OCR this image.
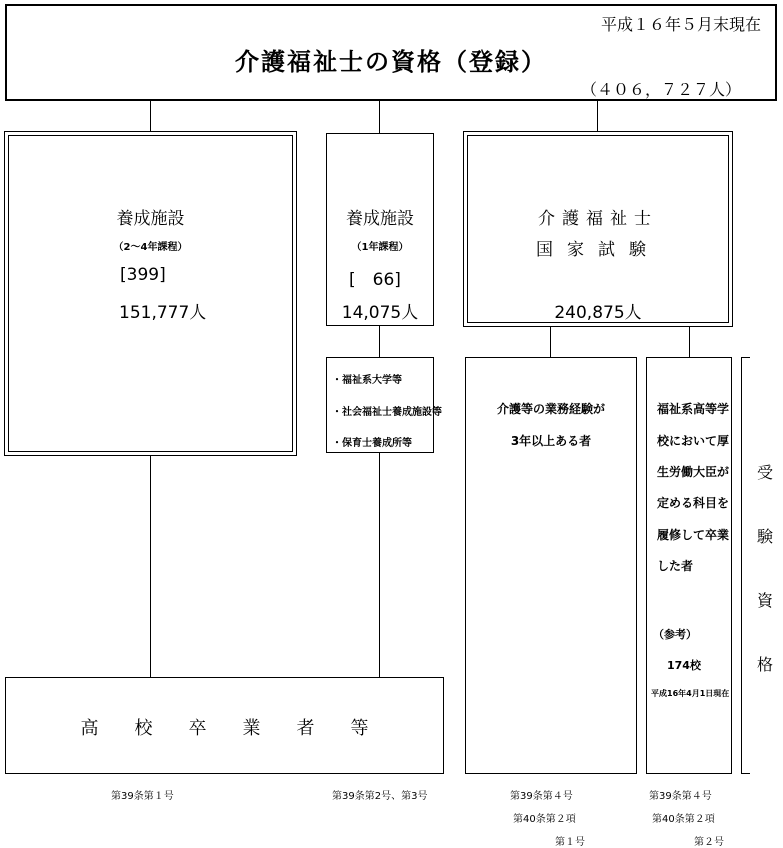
平成１６年５月末現在
介護福祉士の資格（登録）
（４０６，７２７人）
養成施設
（2～4年課程）
[399]
151,777人
養成施設
（1年課程）
[　66]
14,075人
・福祉系大学等
・社会福祉士養成施設等
・保育士養成所等
介護福祉士
国家試験
240,875人
介護等の業務経験が
3年以上ある者
福祉系高等学
校において厚
生労働大臣が
定める科目を
履修して卒業
した者
（参考）
174校
平成16年4月1日現在
受
験
資
格
高　　校　　卒　　業　　者　　等
第39条第１号	第39条第2号、第3号	第39条第４号
第40条第２項
第１号
第39条第４号
第40条第２項
第２号
